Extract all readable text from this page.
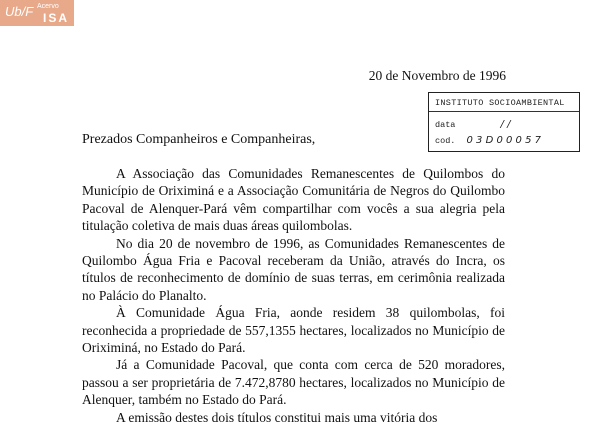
Ub/F Acervo
ISA
20 de Novembro de 1996
INSTITUTO SOCIOAMBIENTAL
data	/ /
cod. 0 3 D 0 0 0 5 7
Prezados Companheiros e Companheiras,

A Associação das Comunidades Remanescentes de Quilombos do Município de Oriximiná e a Associação Comunitária de Negros do Quilombo Pacoval de Alenquer-Pará vêm compartilhar com vocês a sua alegria pela titulação coletiva de mais duas áreas quilombolas.

No dia 20 de novembro de 1996, as Comunidades Remanescentes de Quilombo Água Fria e Pacoval receberam da União, através do Incra, os títulos de reconhecimento de domínio de suas terras, em cerimônia realizada no Palácio do Planalto.

À Comunidade Água Fria, aonde residem 38 quilombolas, foi reconhecida a propriedade de 557,1355 hectares, localizados no Município de Oriximiná, no Estado do Pará.

Já a Comunidade Pacoval, que conta com cerca de 520 moradores, passou a ser proprietária de 7.472,8780 hectares, localizados no Município de Alenquer, também no Estado do Pará.

A emissão destes dois títulos constitui mais uma vitória dos
